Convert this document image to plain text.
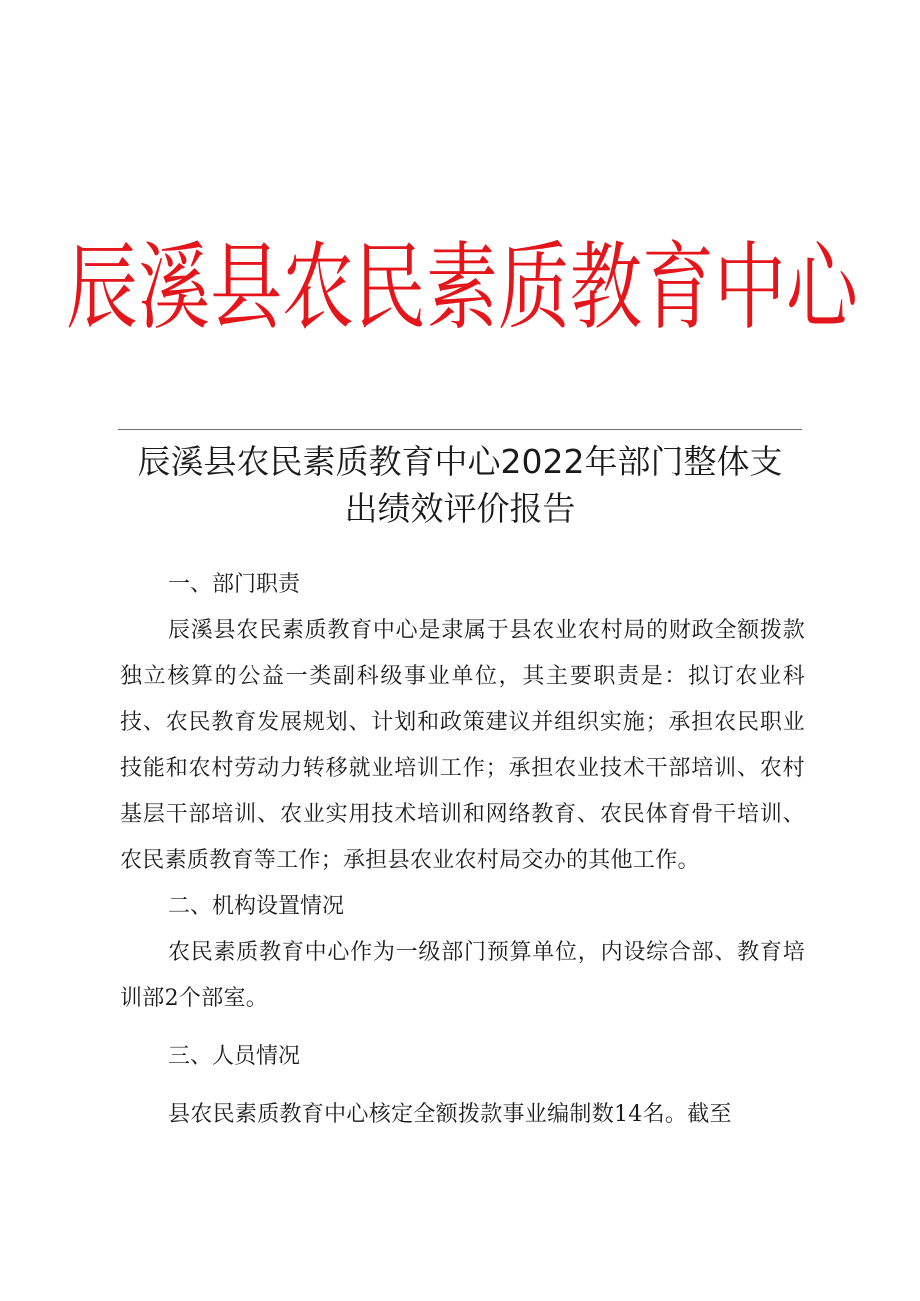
辰溪县农民素质教育中心
辰溪县农民素质教育中心2022年部门整体支
出绩效评价报告

一、部门职责

辰溪县农民素质教育中心是隶属于县农业农村局的财政全额拨款独立核算的公益一类副科级事业单位，其主要职责是：拟订农业科技、农民教育发展规划、计划和政策建议并组织实施；承担农民职业技能和农村劳动力转移就业培训工作；承担农业技术干部培训、农村基层干部培训、农业实用技术培训和网络教育、农民体育骨干培训、农民素质教育等工作；承担县农业农村局交办的其他工作。

二、机构设置情况

农民素质教育中心作为一级部门预算单位，内设综合部、教育培训部2个部室。

三、人员情况

县农民素质教育中心核定全额拨款事业编制数14名。截至
